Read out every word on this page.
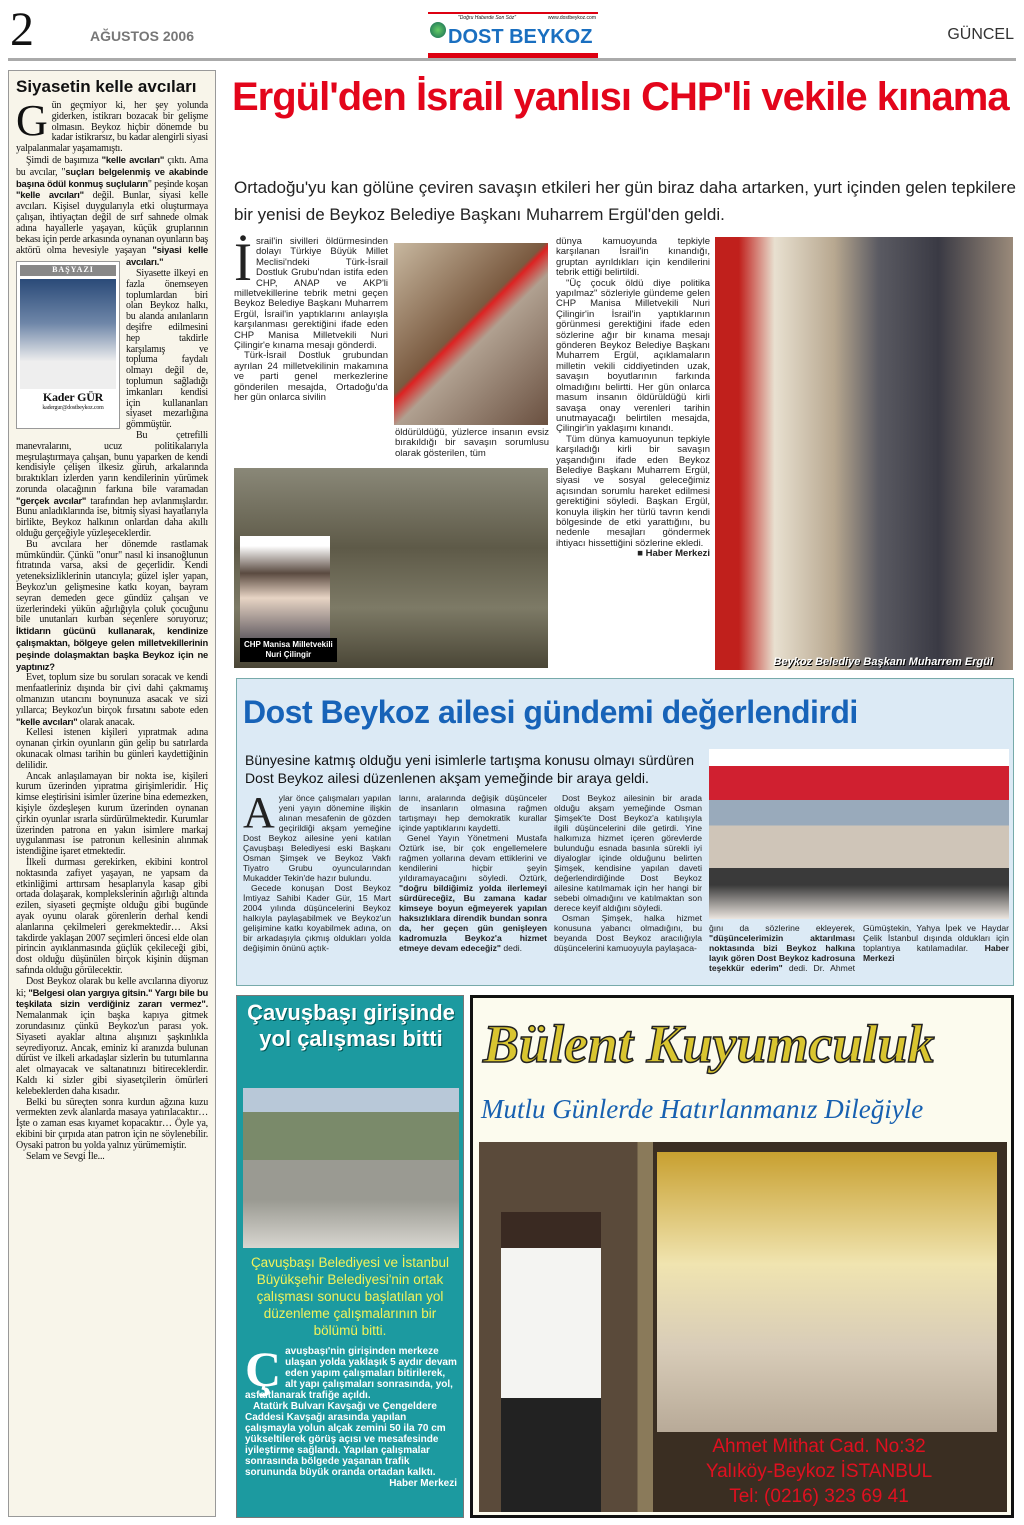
2	AĞUSTOS 2006
"Doğru Haberde Son Söz"	www.dostbeykoz.com
DOST BEYKOZ	GÜNCEL
Siyasetin kelle avcıları

Gün geçmiyor ki, her şey yolunda giderken, istikrarı bozacak bir gelişme olmasın. Beykoz hiçbir dönemde bu kadar istikrarsız, bu kadar alengirli siyasi yalpalanmalar yaşamamıştı.

Şimdi de başımıza "kelle avcıları" çıktı. Ama bu avcılar, "suçları belgelenmiş ve akabinde başına ödül konmuş suçluların" peşinde koşan "kelle avcıları" değil. Bunlar, siyasi kelle avcıları. Kişisel duygularıyla etki oluşturmaya çalışan, ihtiyaçtan değil de sırf sahnede olmak adına hayallerle yaşayan, küçük gruplarının bekası için perde arkasında oynanan oyunların baş aktörü olma hevesiyle yaşayan
BAŞYAZI
Kader GÜR
kadergur@dostbeykoz.com
"siyasi kelle avcıları."

Siyasette ilkeyi en fazla önemseyen toplumlardan biri olan Beykoz halkı, bu alanda anılanların deşifre edilmesini hep takdirle karşılamış ve topluma faydalı olmayı değil de, toplumun sağladığı imkanları kendisi için kullananları siyaset mezarlığına gömmüştür.

Bu çetrefilli manevralarını, ucuz politikalarıyla meşrulaştırmaya çalışan, bunu yaparken de kendi kendisiyle çelişen ilkesiz güruh, arkalarında bıraktıkları izlerden yarın kendilerinin yürümek zorunda olacağının farkına bile varamadan "gerçek avcılar" tarafından hep avlanmışlardır. Bunu anladıklarında ise, bitmiş siyasi hayatlarıyla birlikte, Beykoz halkının onlardan daha akıllı olduğu gerçeğiyle yüzleşeceklerdir.

Bu avcılara her dönemde rastlamak mümkündür. Çünkü "onur" nasıl ki insanoğlunun fıtratında varsa, aksi de geçerlidir. Kendi yeteneksizliklerinin utancıyla; güzel işler yapan, Beykoz'un gelişmesine katkı koyan, bayram seyran demeden gece gündüz çalışan ve üzerlerindeki yükün ağırlığıyla çoluk çocuğunu bile unutanları kurban seçenlere soruyoruz; İktidarın gücünü kullanarak, kendinize çalışmaktan, bölgeye gelen milletvekillerinin peşinde dolaşmaktan başka Beykoz için ne yaptınız?

Evet, toplum size bu soruları soracak ve kendi menfaatleriniz dışında bir çivi dahi çakmamış olmanızın utancını boynunuza asacak ve sizi yıllarca; Beykoz'un birçok fırsatını sabote eden "kelle avcıları" olarak anacak.

Kellesi istenen kişileri yıpratmak adına oynanan çirkin oyunların gün gelip bu satırlarda okunacak olması tarihin bu günleri kaydettiğinin delilidir.

Ancak anlaşılamayan bir nokta ise, kişileri kurum üzerinden yıpratma girişimleridir. Hiç kimse eleştirisini isimler üzerine bina edemezken, kişiyle özdeşleşen kurum üzerinden oynanan çirkin oyunlar ısrarla sürdürülmektedir. Kurumlar üzerinden patrona en yakın isimlere markaj uygulanması ise patronun kellesinin alınmak istendiğine işaret etmektedir.

İlkeli durması gerekirken, ekibini kontrol noktasında zafiyet yaşayan, ne yapsam da etkinliğimi arttırsam hesaplarıyla kasap gibi ortada dolaşarak, komplekslerinin ağırlığı altında ezilen, siyaseti geçmişte olduğu gibi bugünde ayak oyunu olarak görenlerin derhal kendi alanlarına çekilmeleri gerekmektedir… Aksi takdirde yaklaşan 2007 seçimleri öncesi elde olan pirincin ayıklanmasında güçlük çekileceği gibi, dost olduğu düşünülen birçok kişinin düşman safında olduğu görülecektir.

Dost Beykoz olarak bu kelle avcılarına diyoruz ki; "Belgesi olan yargıya gitsin." Yargı bile bu teşkilata sizin verdiğiniz zararı vermez". Nemalanmak için başka kapıya gitmek zorundasınız çünkü Beykoz'un parası yok. Siyaseti ayaklar altına alışınızı şaşkınlıkla seyrediyoruz. Ancak, eminiz ki aranızda bulunan dürüst ve ilkeli arkadaşlar sizlerin bu tutumlarına alet olmayacak ve saltanatınızı bitireceklerdir. Kaldı ki sizler gibi siyasetçilerin ömürleri kelebeklerden daha kısadır.

Belki bu süreçten sonra kurdun ağzına kuzu vermekten zevk alanlarda masaya yatırılacaktır… İşte o zaman esas kıyamet kopacaktır… Öyle ya, ekibini bir çırpıda atan patron için ne söylenebilir. Oysaki patron bu yolda yalnız yürümemiştir.

Selam ve Sevgi İle...

Ergül'den İsrail yanlısı CHP'li vekile kınama
Ortadoğu'yu kan gölüne çeviren savaşın etkileri her gün biraz daha artarken, yurt içinden gelen tepkilere bir yenisi de Beykoz Belediye Başkanı Muharrem Ergül'den geldi.

İsrail'in sivilleri öldürmesinden dolayı Türkiye Büyük Millet Meclisi'ndeki Türk-İsrail Dostluk Grubu'ndan istifa eden CHP, ANAP ve AKP'li milletvekillerine tebrik metni geçen Beykoz Belediye Başkanı Muharrem Ergül, İsrail'in yaptıklarını anlayışla karşılanması gerektiğini ifade eden CHP Manisa Milletvekili Nuri Çilingir'e kınama mesajı gönderdi.

Türk-İsrail Dostluk grubundan ayrılan 24 milletvekilinin makamına ve parti genel merkezlerine gönderilen mesajda, Ortadoğu'da her gün onlarca sivilin

öldürüldüğü, yüzlerce insanın evsiz bırakıldığı bir savaşın sorumlusu olarak gösterilen, tüm
CHP Manisa Milletvekili
Nuri Çilingir

dünya kamuoyunda tepkiyle karşılanan İsrail'in kınandığı, gruptan ayrıldıkları için kendilerini tebrik ettiği belirtildi.

"Üç çocuk öldü diye politika yapılmaz" sözleriyle gündeme gelen CHP Manisa Milletvekili Nuri Çilingir'in İsrail'in yaptıklarının görünmesi gerektiğini ifade eden sözlerine ağır bir kınama mesajı gönderen Beykoz Belediye Başkanı Muharrem Ergül, açıklamaların milletin vekili ciddiyetinden uzak, savaşın boyutlarının farkında olmadığını belirtti. Her gün onlarca masum insanın öldürüldüğü kirli savaşa onay verenleri tarihin unutmayacağı belirtilen mesajda, Çilingir'in yaklaşımı kınandı.

Tüm dünya kamuoyunun tepkiyle karşıladığı kirli bir savaşın yaşandığını ifade eden Beykoz Belediye Başkanı Muharrem Ergül, siyasi ve sosyal geleceğimiz açısından sorumlu hareket edilmesi gerektiğini söyledi. Başkan Ergül, konuyla ilişkin her türlü tavrın kendi bölgesinde de etki yarattığını, bu nedenle mesajları göndermek ihtiyacı hissettiğini sözlerine ekledi.

■ Haber Merkezi
Beykoz Belediye Başkanı Muharrem Ergül
Dost Beykoz ailesi gündemi değerlendirdi
Bünyesine katmış olduğu yeni isimlerle tartışma konusu olmayı sürdüren Dost Beykoz ailesi düzenlenen akşam yemeğinde bir araya geldi.

Aylar önce çalışmaları yapılan yeni yayın dönemine ilişkin alınan mesafenin de gözden geçirildiği akşam yemeğine Dost Beykoz ailesine yeni katılan Çavuşbaşı Belediyesi eski Başkanı Osman Şimşek ve Beykoz Vakfı Tiyatro Grubu oyuncularından Mukadder Tekin'de hazır bulundu.

Gecede konuşan Dost Beykoz İmtiyaz Sahibi Kader Gür, 15 Mart 2004 yılında düşüncelerini Beykoz halkıyla paylaşabilmek ve Beykoz'un gelişimine katkı koyabilmek adına, on bir arkadaşıyla çıkmış oldukları yolda değişimin önünü açtık-

larını, aralarında değişik düşünceler de insanların olmasına rağmen tartışmayı hep demokratik kurallar içinde yaptıklarını kaydetti.

Genel Yayın Yönetmeni Mustafa Öztürk ise, bir çok engellemelere rağmen yollarına devam ettiklerini ve kendilerini hiçbir şeyin yıldıramayacağını söyledi. Öztürk, "doğru bildiğimiz yolda ilerlemeyi sürdüreceğiz, Bu zamana kadar kimseye boyun eğmeyerek yapılan haksızlıklara direndik bundan sonra da, her geçen gün genişleyen kadromuzla Beykoz'a hizmet etmeye devam edeceğiz" dedi.

Dost Beykoz ailesinin bir arada olduğu akşam yemeğinde Osman Şimşek'te Dost Beykoz'a katılışıyla ilgili düşüncelerini dile getirdi. Yine halkımıza hizmet içeren görevlerde bulunduğu esnada basınla sürekli iyi diyaloglar içinde olduğunu belirten Şimşek, kendisine yapılan daveti değerlendirdiğinde Dost Beykoz ailesine katılmamak için her hangi bir sebebi olmadığını ve katılmaktan son derece keyif aldığını söyledi.

Osman Şimşek, halka hizmet konusuna yabancı olmadığını, bu beyanda Dost Beykoz aracılığıyla düşüncelerini kamuoyuyla paylaşaca-

ğını da sözlerine ekleyerek, "düşüncelerimizin aktarılması noktasında bizi Beykoz halkına layık gören Dost Beykoz kadrosuna teşekkür ederim" dedi. Dr. Ahmet Gümüştekin, Yahya İpek ve Haydar Çelik İstanbul dışında oldukları için toplantıya katılamadılar. Haber Merkezi
Çavuşbaşı girişinde yol çalışması bitti
Çavuşbaşı Belediyesi ve İstanbul Büyükşehir Belediyesi'nin ortak çalışması sonucu başlatılan yol düzenleme çalışmalarının bir bölümü bitti.

Çavuşbaşı'nin girişinden merkeze ulaşan yolda yaklaşık 5 aydır devam eden yapım çalışmaları bitirilerek, alt yapı çalışmaları sonrasında, yol, asfaltlanarak trafiğe açıldı.

Atatürk Bulvarı Kavşağı ve Çengeldere Caddesi Kavşağı arasında yapılan çalışmayla yolun alçak zemini 50 ila 70 cm yükseltilerek görüş açısı ve mesafesinde iyileştirme sağlandı. Yapılan çalışmalar sonrasında bölgede yaşanan trafik sorununda büyük oranda ortadan kalktı.

Haber Merkezi
Bülent Kuyumculuk
Mutlu Günlerde Hatırlanmanız Dileğiyle
Ahmet Mithat Cad. No:32
Yalıköy-Beykoz İSTANBUL
Tel: (0216) 323 69 41
